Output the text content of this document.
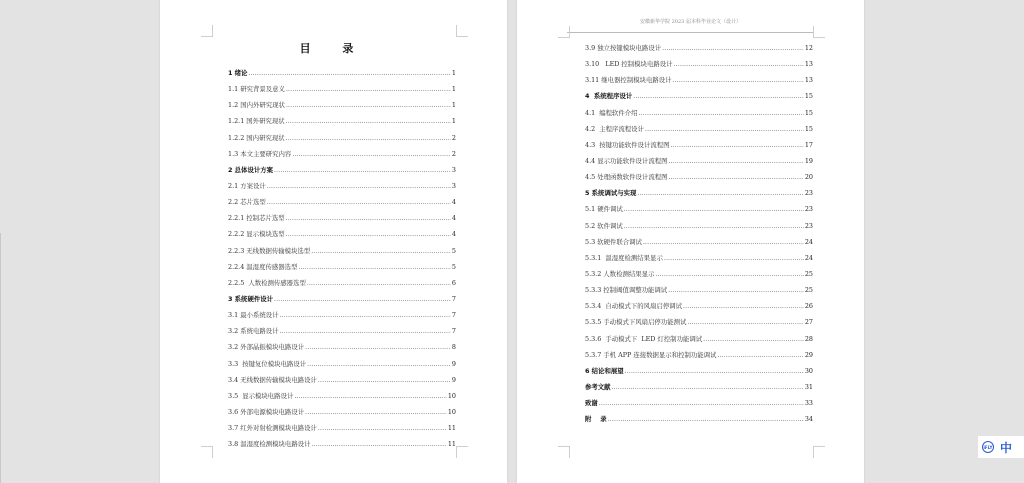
目 录
1 绪论 .....	1
1.1 研究背景及意义 .....	1
1.2 国内外研究现状 .....	1
1.2.1 国外研究现状 .....	1
1.2.2 国内研究现状 .....	2
1.3 本文主要研究内容 .....	2
2 总体设计方案 .....	3
2.1 方案设计 .....	3
2.2 芯片选型 .....	4
2.2.1 控制芯片选型 .....	4
2.2.2 显示模块选型 .....	4
2.2.3 无线数据传输模块选型 .....	5
2.2.4 温湿度传感器选型 .....	5
2.2.5  人数检测传感器选型 .....	6
3 系统硬件设计 .....	7
3.1 最小系统设计 .....	7
3.2 系统电路设计 .....	7
3.2 外部晶振模块电路设计 .....	8
3.3  按键复位模块电路设计 .....	9
3.4 无线数据传输模块电路设计 .....	9
3.5  显示模块电路设计 .....	10
3.6 外部电源模块电路设计 .....	10
3.7 红外对射检测模块电路设计 .....	11
3.8 温湿度检测模块电路设计 .....	11
安徽新华学院 2023 届本科毕业论文（设计）
3.9 独立按键模块电路设计 .....	12
3.10   LED 控制模块电路设计 .....	13
3.11 继电器控制模块电路设计 .....	13
4  系统程序设计 .....	15
4.1  编程软件介绍 .....	15
4.2  主程序流程设计 .....	15
4.3  按键功能软件设计流程图 .....	17
4.4 显示功能软件设计流程图 .....	19
4.5 处理函数软件设计流程图 .....	20
5 系统调试与实现 .....	23
5.1 硬件调试 .....	23
5.2 软件调试 .....	23
5.3 软硬件联合调试 .....	24
5.3.1  温湿度检测结果显示 .....	24
5.3.2 人数检测结果显示 .....	25
5.3.3 控制阈值调整功能调试 .....	25
5.3.4  自动模式下的风扇启停调试 .....	26
5.3.5 手动模式下风扇启停功能测试 .....	27
5.3.6  手动模式下  LED 灯控制功能调试 .....	28
5.3.7 手机 APP 连接数据显示和控制功能调试 .....	29
6 结论和展望 .....	30
参考文献 .....	31
致谢 .....	33
附    录 .....	34
iFLY 中
